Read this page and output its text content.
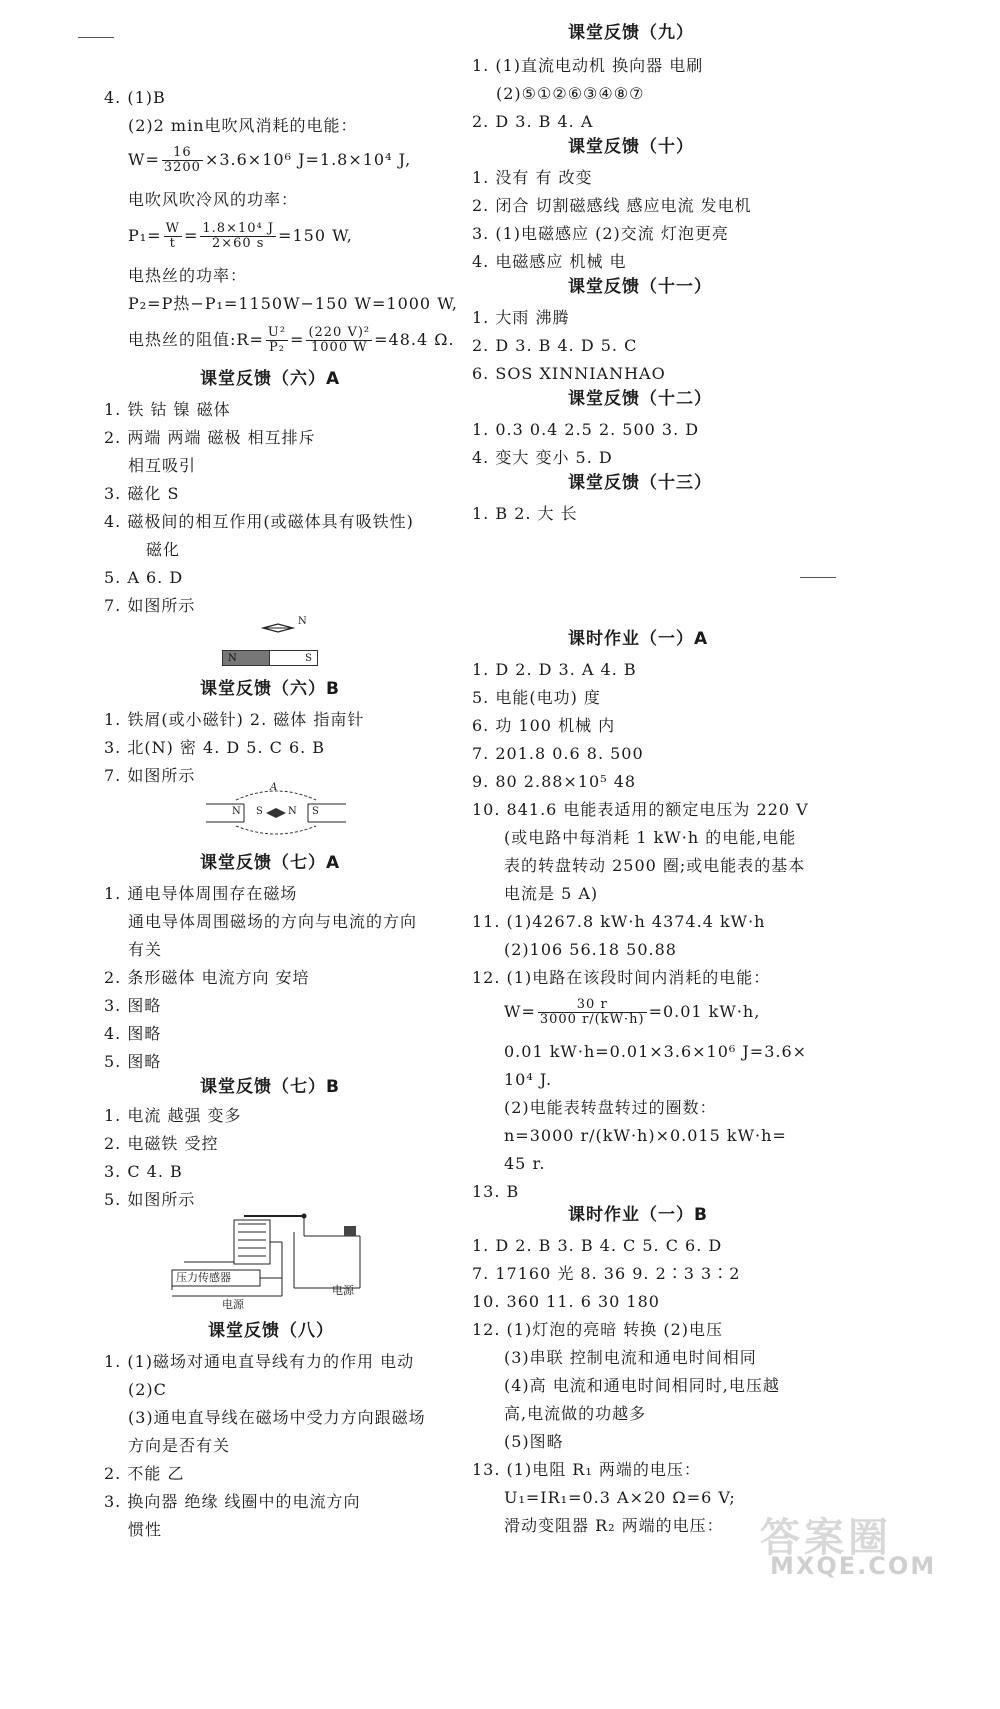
4. (1)B
(2)2 min电吹风消耗的电能：
$W= \frac{16}{3200} \times 3.6\times 10^6$ J=1.8×10⁴ J,
电吹风吹冷风的功率：
$P_1= \frac{W}{t} = \frac{\text{1.8×10⁴ J}}{2\times 60 s} =150$ W,
电热丝的功率：
P₂=P热−P₁=1150W−150 W=1000 W,
电热丝的阻值:R= $\frac{\text{U²}}{\text{P₂}} = \frac{\text{(220 V)²}}{1000 W} =48.4$ Ω.
课堂反馈（六）A
1. 铁 钴 镍 磁体
2. 两端 两端 磁极 相互排斥
相互吸引
3. 磁化 S
4. 磁极间的相互作用(或磁体具有吸铁性)
磁化
5. A 6. D
7. 如图所示
N
N	S
课堂反馈（六）B
1. 铁屑(或小磁针) 2. 磁体 指南针
3. 北(N) 密 4. D 5. C 6. B
7. 如图所示
A
N S	N S
课堂反馈（七）A
1. 通电导体周围存在磁场
通电导体周围磁场的方向与电流的方向
有关
2. 条形磁体 电流方向 安培
3. 图略
4. 图略
5. 图略
课堂反馈（七）B
1. 电流 越强 变多
2. 电磁铁 受控
3. C 4. B
5. 如图所示
压力传感器
电源
电源
课堂反馈（八）
1. (1)磁场对通电直导线有力的作用 电动
(2)C
(3)通电直导线在磁场中受力方向跟磁场
方向是否有关
2. 不能 乙
3. 换向器 绝缘 线圈中的电流方向
惯性
课堂反馈（九）
1. (1)直流电动机 换向器 电刷
(2)⑤①②⑥③④⑧⑦
2. D 3. B 4. A
课堂反馈（十）
1. 没有 有 改变
2. 闭合 切割磁感线 感应电流 发电机
3. (1)电磁感应 (2)交流 灯泡更亮
4. 电磁感应 机械 电
课堂反馈（十一）
1. 大雨 沸腾
2. D 3. B 4. D 5. C
6. SOS XINNIANHAO
课堂反馈（十二）
1. 0.3 0.4 2.5 2. 500 3. D
4. 变大 变小 5. D
课堂反馈（十三）
1. B 2. 大 长
课时作业（一）A
1. D 2. D 3. A 4. B
5. 电能(电功) 度
6. 功 100 机械 内
7. 201.8 0.6 8. 500
9. 80 2.88×10⁵ 48
10. 841.6 电能表适用的额定电压为 220 V
(或电路中每消耗 1 kW·h 的电能,电能
表的转盘转动 2500 圈;或电能表的基本
电流是 5 A)
11. (1)4267.8 kW·h 4374.4 kW·h
(2)106 56.18 50.88
12. (1)电路在该段时间内消耗的电能：
$W= \frac{30 r}{3000 r/(kW\cdot h)} =0.01$ kW·h,
0.01 kW·h=0.01×3.6×10⁶ J=3.6×
10⁴ J.
(2)电能表转盘转过的圈数：
n=3000 r/(kW·h)×0.015 kW·h=
45 r.
13. B
课时作业（一）B
1. D 2. B 3. B 4. C 5. C 6. D
7. 17160 光 8. 36 9. 2∶3 3∶2
10. 360 11. 6 30 180
12. (1)灯泡的亮暗 转换 (2)电压
(3)串联 控制电流和通电时间相同
(4)高 电流和通电时间相同时,电压越
高,电流做的功越多
(5)图略
13. (1)电阻 R₁ 两端的电压：
U₁=IR₁=0.3 A×20 Ω=6 V;
滑动变阻器 R₂ 两端的电压： 答案圈
MXQE.COM
